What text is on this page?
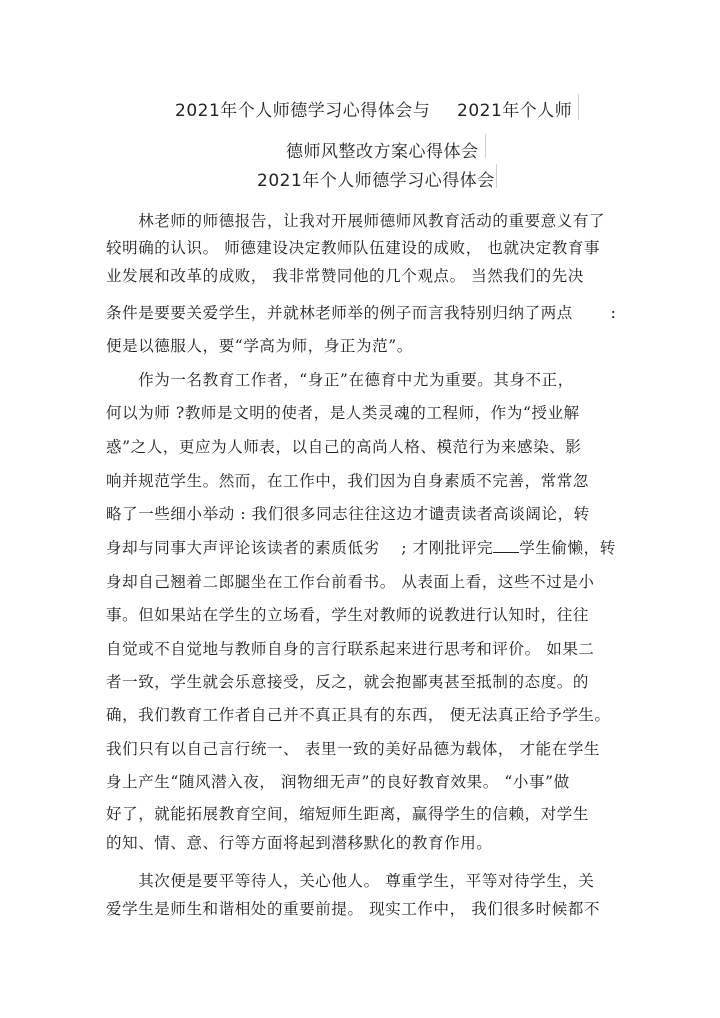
2021年个人师德学习心得体会与 2021年个人师
德师风整改方案心得体会
2021年个人师德学习心得体会
　　林老师的师德报告，让我对开展师德师风教育活动的重要意义有了
较明确的认识。 师德建设决定教师队伍建设的成败， 也就决定教育事
业发展和改革的成败， 我非常赞同他的几个观点。 当然我们的先决
条件是要要关爱学生，并就林老师举的例子而言我特别归纳了两点 　　:
便是以德服人，要“学高为师，身正为范”。
　　作为一名教育工作者，“身正”在德育中尤为重要。其身不正，
何以为师 ?教师是文明的使者，是人类灵魂的工程师，作为“授业解
惑”之人，更应为人师表，以自己的高尚人格、模范行为来感染、影
响并规范学生。然而，在工作中，我们因为自身素质不完善，常常忽
略了一些细小举动 : 我们很多同志往往这边才谴责读者高谈阔论，转
身却与同事大声评论该读者的素质低劣 　; 才刚批评完 学生偷懒，转
身却自己翘着二郎腿坐在工作台前看书。 从表面上看，这些不过是小
事。但如果站在学生的立场看，学生对教师的说教进行认知时，往往
自觉或不自觉地与教师自身的言行联系起来进行思考和评价。 如果二
者一致，学生就会乐意接受，反之，就会抱鄙夷甚至抵制的态度。的
确，我们教育工作者自己并不真正具有的东西， 便无法真正给予学生。
我们只有以自己言行统一、 表里一致的美好品德为载体， 才能在学生
身上产生“随风潜入夜， 润物细无声”的良好教育效果。 “小事”做
好了，就能拓展教育空间，缩短师生距离，赢得学生的信赖，对学生
的知、情、意、行等方面将起到潜移默化的教育作用。
　　其次便是要平等待人，关心他人。 尊重学生，平等对待学生，关
爱学生是师生和谐相处的重要前提。 现实工作中， 我们很多时候都不
